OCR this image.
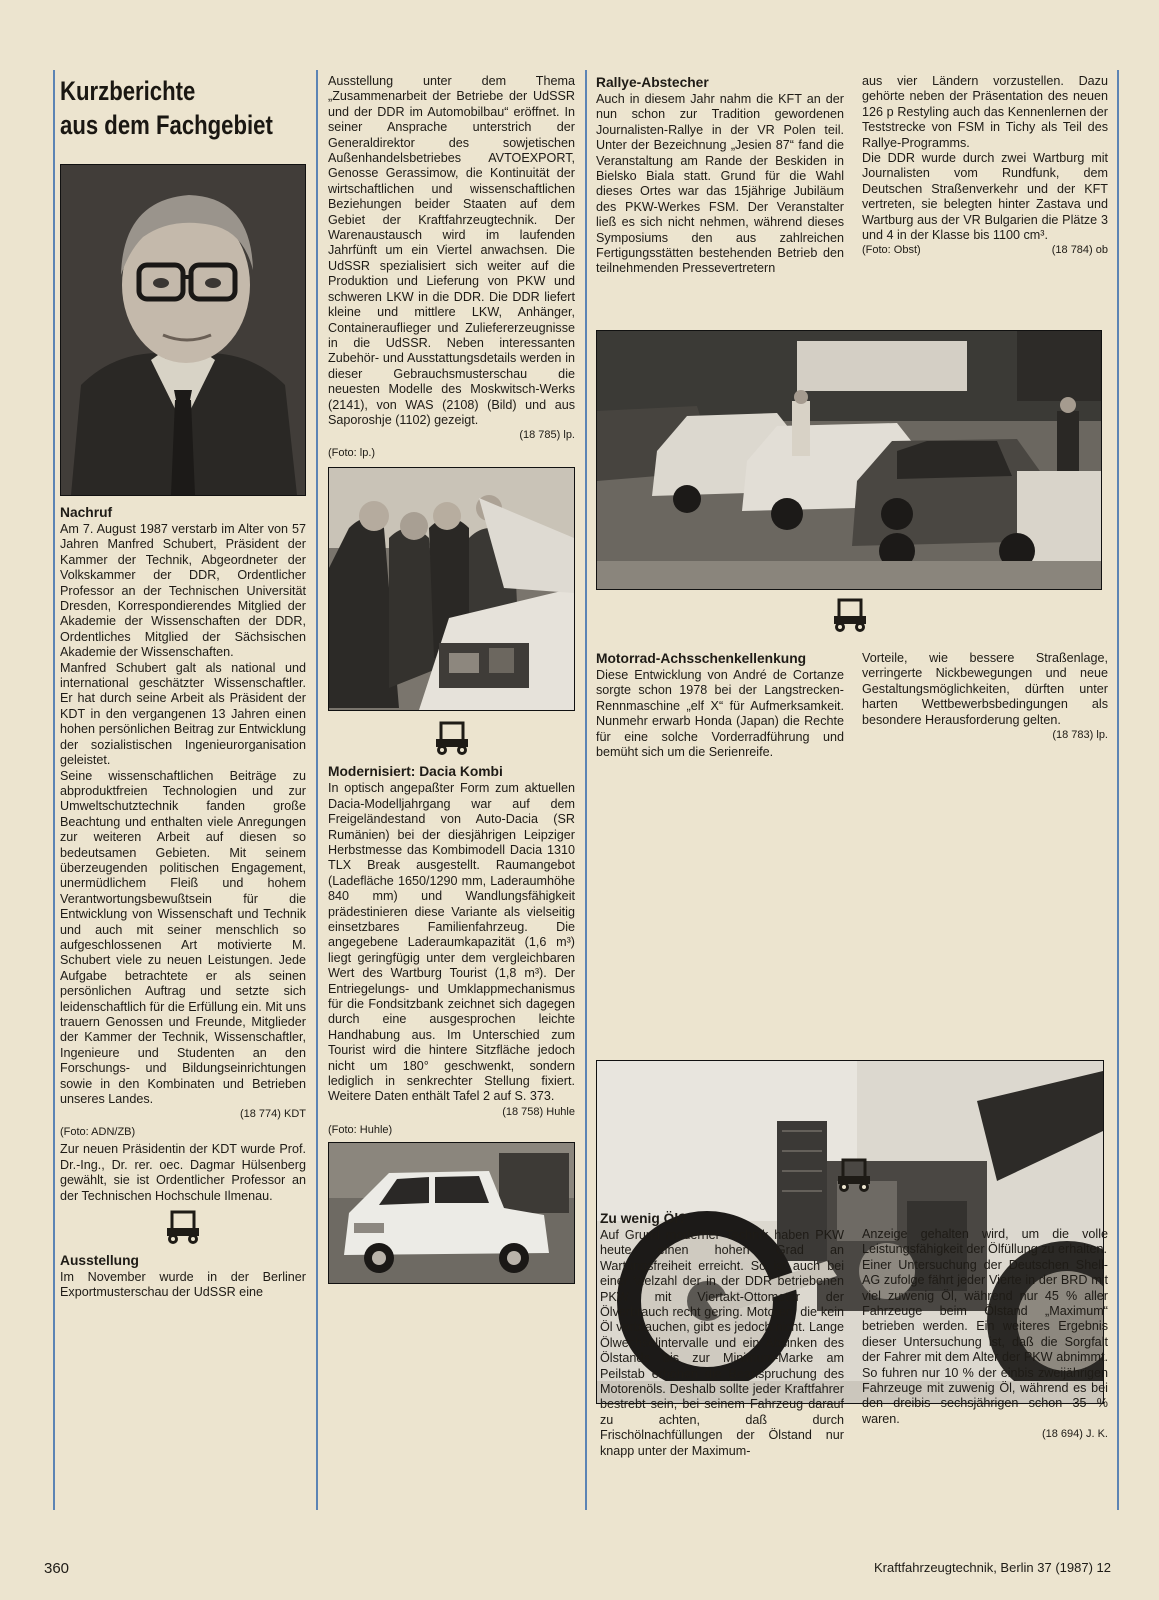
Kurzberichte
aus dem Fachgebiet
Nachruf

Am 7. August 1987 verstarb im Alter von 57 Jahren Manfred Schubert, Präsident der Kammer der Technik, Abgeordneter der Volkskammer der DDR, Ordentlicher Professor an der Technischen Universität Dresden, Korrespondierendes Mitglied der Akademie der Wissenschaften der DDR, Ordentliches Mitglied der Sächsischen Akademie der Wissenschaften.

Manfred Schubert galt als national und international geschätzter Wissenschaftler. Er hat durch seine Arbeit als Präsident der KDT in den vergangenen 13 Jahren einen hohen persönlichen Beitrag zur Entwicklung der sozialistischen Ingenieurorganisation geleistet.

Seine wissenschaftlichen Beiträge zu abproduktfreien Technologien und zur Umweltschutztechnik fanden große Beachtung und enthalten viele Anregungen zur weiteren Arbeit auf diesen so bedeutsamen Gebieten. Mit seinem überzeugenden politischen Engagement, unermüdlichem Fleiß und hohem Verantwortungsbewußtsein für die Entwicklung von Wissenschaft und Technik und auch mit seiner menschlich so aufgeschlossenen Art motivierte M. Schubert viele zu neuen Leistungen. Jede Aufgabe betrachtete er als seinen persönlichen Auftrag und setzte sich leidenschaftlich für die Erfüllung ein. Mit uns trauern Genossen und Freunde, Mitglieder der Kammer der Technik, Wissenschaftler, Ingenieure und Studenten an den Forschungs- und Bildungseinrichtungen sowie in den Kombinaten und Betrieben unseres Landes.

(18 774) KDT

(Foto: ADN/ZB)

Zur neuen Präsidentin der KDT wurde Prof. Dr.-Ing., Dr. rer. oec. Dagmar Hülsenberg gewählt, sie ist Ordentlicher Professor an der Technischen Hochschule Ilmenau.

Ausstellung

Im November wurde in der Berliner Exportmusterschau der UdSSR eine

Ausstellung unter dem Thema „Zusammenarbeit der Betriebe der UdSSR und der DDR im Automobilbau“ eröffnet. In seiner Ansprache unterstrich der Generaldirektor des sowjetischen Außenhandelsbetriebes AVTOEXPORT, Genosse Gerassimow, die Kontinuität der wirtschaftlichen und wissenschaftlichen Beziehungen beider Staaten auf dem Gebiet der Kraftfahrzeugtechnik. Der Warenaustausch wird im laufenden Jahrfünft um ein Viertel anwachsen. Die UdSSR spezialisiert sich weiter auf die Produktion und Lieferung von PKW und schweren LKW in die DDR. Die DDR liefert kleine und mittlere LKW, Anhänger, Containerauflieger und Zuliefererzeugnisse in die UdSSR. Neben interessanten Zubehör- und Ausstattungsdetails werden in dieser Gebrauchsmusterschau die neuesten Modelle des Moskwitsch-Werks (2141), von WAS (2108) (Bild) und aus Saporoshje (1102) gezeigt.

(18 785) lp.

(Foto: lp.)

Modernisiert: Dacia Kombi

In optisch angepaßter Form zum aktuellen Dacia-Modelljahrgang war auf dem Freigeländestand von Auto-Dacia (SR Rumänien) bei der diesjährigen Leipziger Herbstmesse das Kombimodell Dacia 1310 TLX Break ausgestellt. Raumangebot (Ladefläche 1650/1290 mm, Laderaumhöhe 840 mm) und Wandlungsfähigkeit prädestinieren diese Variante als vielseitig einsetzbares Familienfahrzeug. Die angegebene Laderaumkapazität (1,6 m³) liegt geringfügig unter dem vergleichbaren Wert des Wartburg Tourist (1,8 m³). Der Entriegelungs- und Umklappmechanismus für die Fondsitzbank zeichnet sich dagegen durch eine ausgesprochen leichte Handhabung aus. Im Unterschied zum Tourist wird die hintere Sitzfläche jedoch nicht um 180° geschwenkt, sondern lediglich in senkrechter Stellung fixiert. Weitere Daten enthält Tafel 2 auf S. 373.

(18 758) Huhle

(Foto: Huhle)

Rallye-Abstecher

Auch in diesem Jahr nahm die KFT an der nun schon zur Tradition gewordenen Journalisten-Rallye in der VR Polen teil. Unter der Bezeichnung „Jesien 87“ fand die Veranstaltung am Rande der Beskiden in Bielsko Biala statt. Grund für die Wahl dieses Ortes war das 15jährige Jubiläum des PKW-Werkes FSM. Der Veranstalter ließ es sich nicht nehmen, während dieses Symposiums den aus zahlreichen Fertigungsstätten bestehenden Betrieb den teilnehmenden Pressevertretern

aus vier Ländern vorzustellen. Dazu gehörte neben der Präsentation des neuen 126 p Restyling auch das Kennenlernen der Teststrecke von FSM in Tichy als Teil des Rallye-Programms.

Die DDR wurde durch zwei Wartburg mit Journalisten vom Rundfunk, dem Deutschen Straßenverkehr und der KFT vertreten, sie belegten hinter Zastava und Wartburg aus der VR Bulgarien die Plätze 3 und 4 in der Klasse bis 1100 cm³.

(Foto: Obst)	(18 784) ob
Motorrad-Achsschenkellenkung

Diese Entwicklung von André de Cortanze sorgte schon 1978 bei der Langstrecken-Rennmaschine „elf X“ für Aufmerksamkeit. Nunmehr erwarb Honda (Japan) die Rechte für eine solche Vorderradführung und bemüht sich um die Serienreife.

Vorteile, wie bessere Straßenlage, verringerte Nickbewegungen und neue Gestaltungsmöglichkeiten, dürften unter harten Wettbewerbsbedingungen als besondere Herausforderung gelten.

(18 783) lp.

Zu wenig Öl?

Auf Grund moderner Technik haben PKW heute einen hohen Grad an Wartungsfreiheit erreicht. So ist auch bei einer Vielzahl der in der DDR betriebenen PKW mit Viertakt-Ottomotor der Ölverbrauch recht gering. Motoren, die kein Öl verbrauchen, gibt es jedoch nicht. Lange Ölwechselintervalle und ein Absinken des Ölstands bis zur Minimum-Marke am Peilstab erhöhen die Beanspruchung des Motorenöls. Deshalb sollte jeder Kraftfahrer bestrebt sein, bei seinem Fahrzeug darauf zu achten, daß durch Frischölnachfüllungen der Ölstand nur knapp unter der Maximum-

Anzeige gehalten wird, um die volle Leistungsfähigkeit der Ölfüllung zu erhalten.

Einer Untersuchung der Deutschen Shell-AG zufolge fährt jeder Vierte in der BRD mit viel zuwenig Öl, während nur 45 % aller Fahrzeuge beim Ölstand „Maximum“ betrieben werden. Ein weiteres Ergebnis dieser Untersuchung ist, daß die Sorgfalt der Fahrer mit dem Alter der PKW abnimmt. So fuhren nur 10 % der einbis zweijährigen Fahrzeuge mit zuwenig Öl, während es bei den dreibis sechsjährigen schon 35 % waren.

(18 694) J. K.

360	Kraftfahrzeugtechnik, Berlin 37 (1987) 12
